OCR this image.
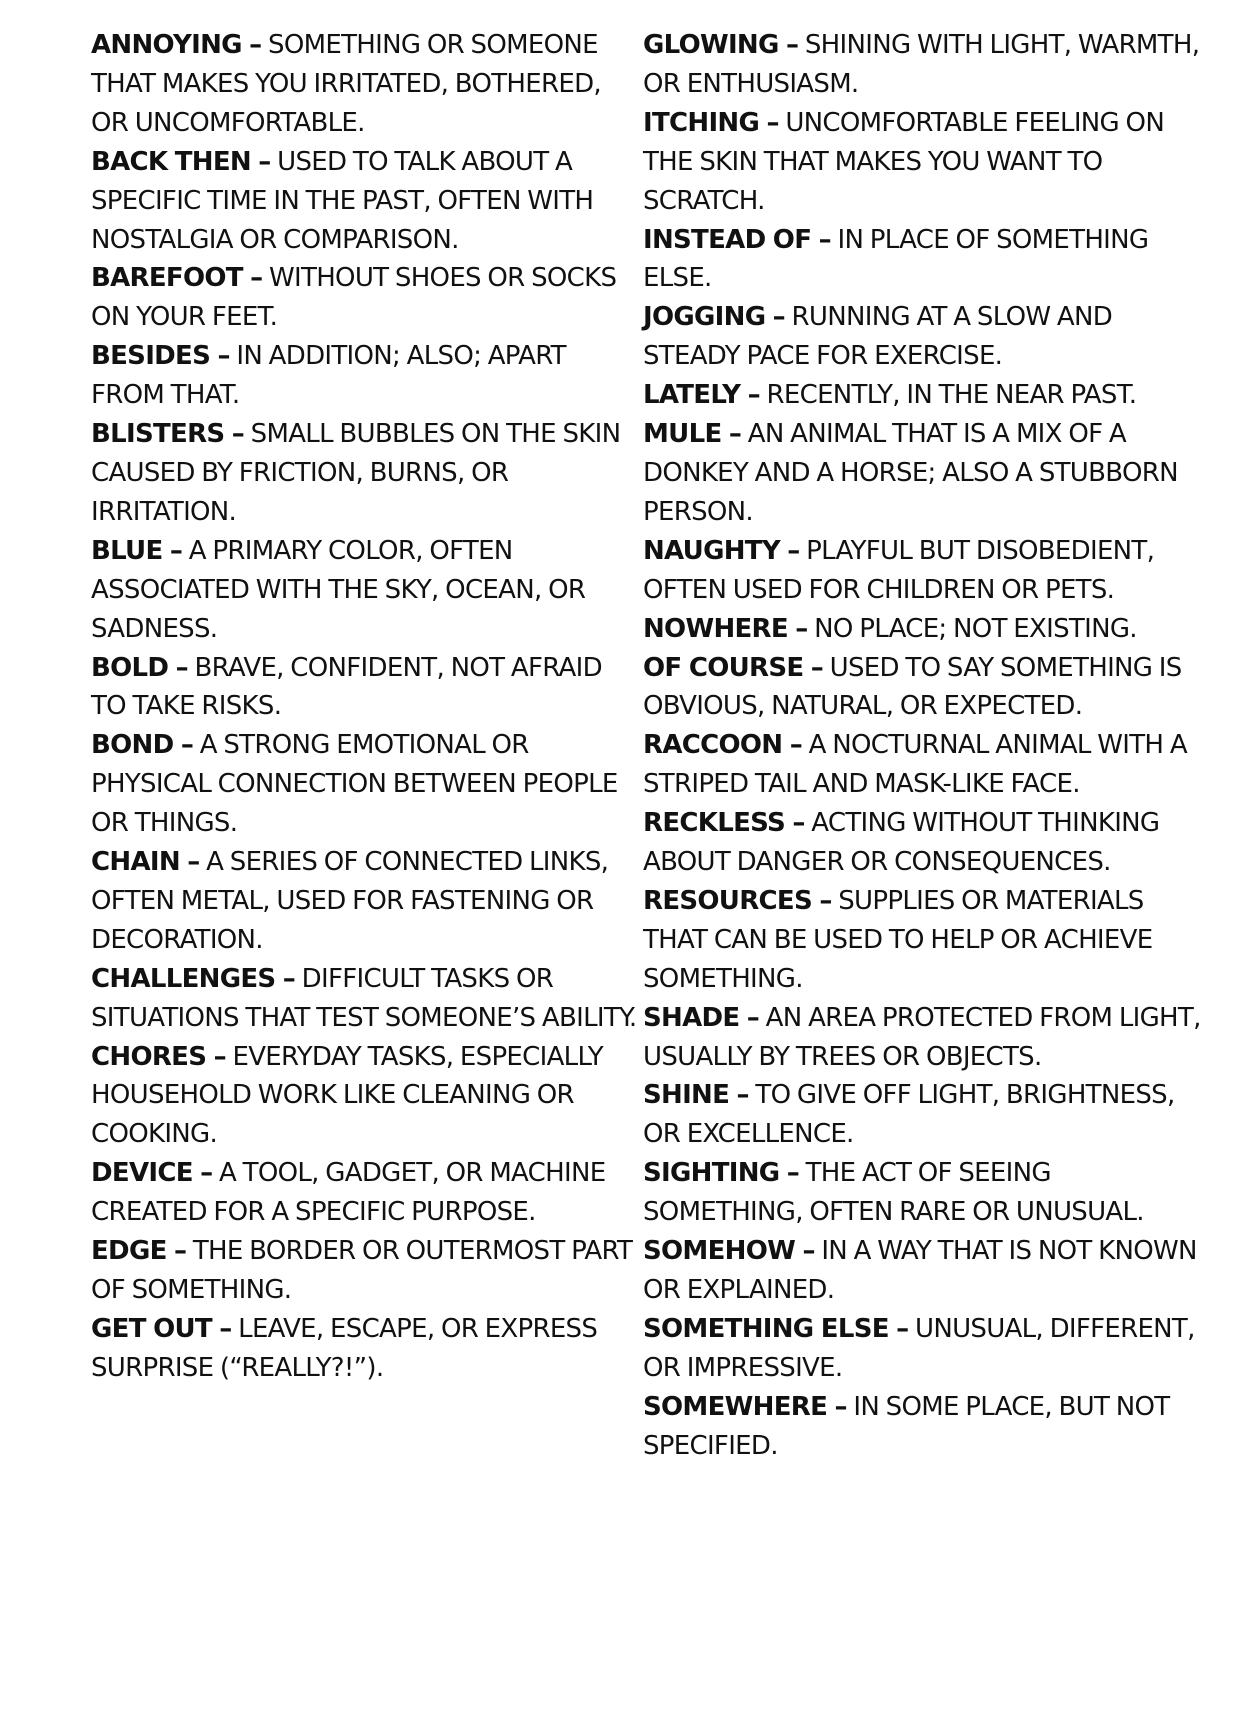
ANNOYING – SOMETHING OR SOMEONE THAT MAKES YOU IRRITATED, BOTHERED, OR UNCOMFORTABLE.

BACK THEN – USED TO TALK ABOUT A SPECIFIC TIME IN THE PAST, OFTEN WITH NOSTALGIA OR COMPARISON.

BAREFOOT – WITHOUT SHOES OR SOCKS ON YOUR FEET.

BESIDES – IN ADDITION; ALSO; APART FROM THAT.

BLISTERS – SMALL BUBBLES ON THE SKIN CAUSED BY FRICTION, BURNS, OR IRRITATION.

BLUE – A PRIMARY COLOR, OFTEN ASSOCIATED WITH THE SKY, OCEAN, OR SADNESS.

BOLD – BRAVE, CONFIDENT, NOT AFRAID TO TAKE RISKS.

BOND – A STRONG EMOTIONAL OR PHYSICAL CONNECTION BETWEEN PEOPLE OR THINGS.

CHAIN – A SERIES OF CONNECTED LINKS, OFTEN METAL, USED FOR FASTENING OR DECORATION.

CHALLENGES – DIFFICULT TASKS OR SITUATIONS THAT TEST SOMEONE’S ABILITY.

CHORES – EVERYDAY TASKS, ESPECIALLY HOUSEHOLD WORK LIKE CLEANING OR COOKING.

DEVICE – A TOOL, GADGET, OR MACHINE CREATED FOR A SPECIFIC PURPOSE.

EDGE – THE BORDER OR OUTERMOST PART OF SOMETHING.

GET OUT – LEAVE, ESCAPE, OR EXPRESS SURPRISE (“REALLY?!”).

GLOWING – SHINING WITH LIGHT, WARMTH, OR ENTHUSIASM.

ITCHING – UNCOMFORTABLE FEELING ON THE SKIN THAT MAKES YOU WANT TO SCRATCH.

INSTEAD OF – IN PLACE OF SOMETHING ELSE.

JOGGING – RUNNING AT A SLOW AND STEADY PACE FOR EXERCISE.

LATELY – RECENTLY, IN THE NEAR PAST.

MULE – AN ANIMAL THAT IS A MIX OF A DONKEY AND A HORSE; ALSO A STUBBORN PERSON.

NAUGHTY – PLAYFUL BUT DISOBEDIENT, OFTEN USED FOR CHILDREN OR PETS.

NOWHERE – NO PLACE; NOT EXISTING.

OF COURSE – USED TO SAY SOMETHING IS OBVIOUS, NATURAL, OR EXPECTED.

RACCOON – A NOCTURNAL ANIMAL WITH A STRIPED TAIL AND MASK-LIKE FACE.

RECKLESS – ACTING WITHOUT THINKING ABOUT DANGER OR CONSEQUENCES.

RESOURCES – SUPPLIES OR MATERIALS THAT CAN BE USED TO HELP OR ACHIEVE SOMETHING.

SHADE – AN AREA PROTECTED FROM LIGHT, USUALLY BY TREES OR OBJECTS.

SHINE – TO GIVE OFF LIGHT, BRIGHTNESS, OR EXCELLENCE.

SIGHTING – THE ACT OF SEEING SOMETHING, OFTEN RARE OR UNUSUAL.

SOMEHOW – IN A WAY THAT IS NOT KNOWN OR EXPLAINED.

SOMETHING ELSE – UNUSUAL, DIFFERENT, OR IMPRESSIVE.

SOMEWHERE – IN SOME PLACE, BUT NOT SPECIFIED.
